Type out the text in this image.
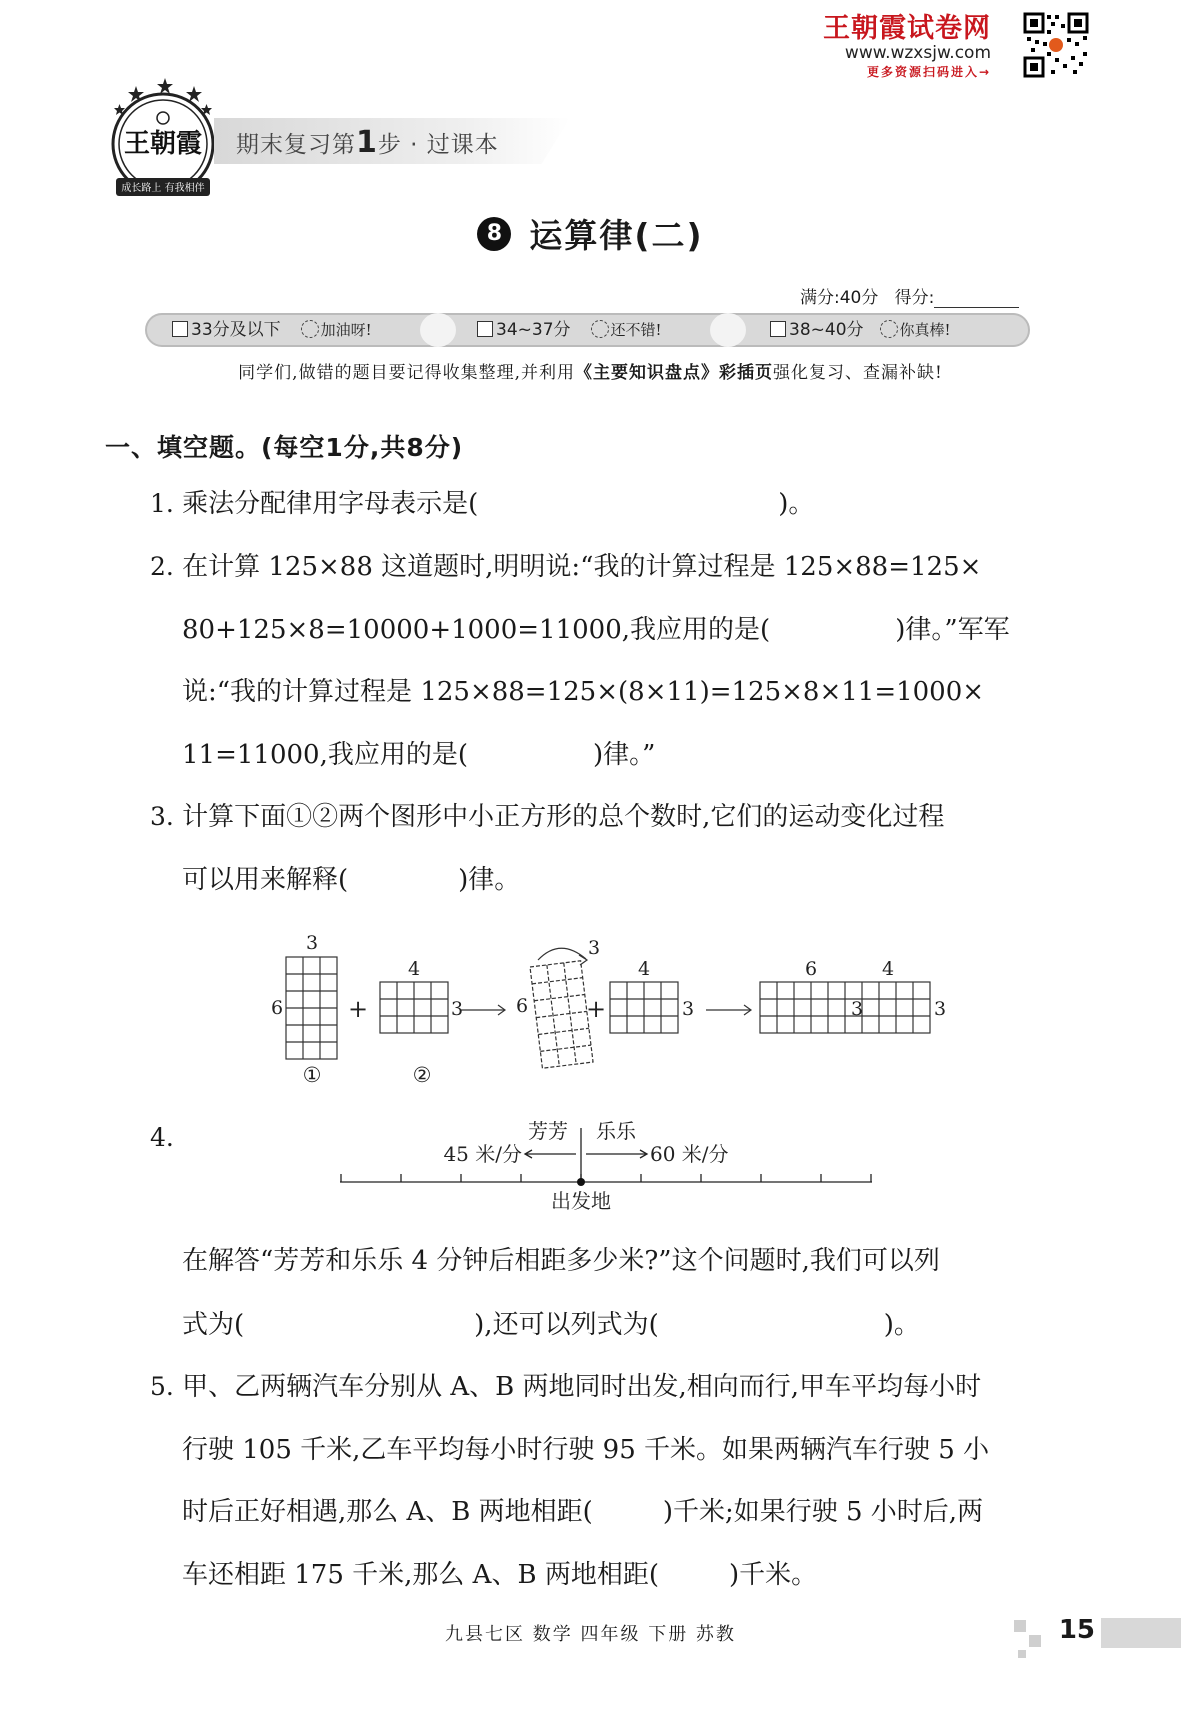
王朝霞试卷网
www.wzxsjw.com
更多资源扫码进入→
王朝霞
成长路上 有我相伴
期末复习第1步 · 过课本
8 运算律(二)
满分:40分 得分:
33分及以下	加油呀!	34~37分	还不错!	38~40分 你真棒!
同学们,做错的题目要记得收集整理,并利用《主要知识盘点》彩插页强化复习、查漏补缺!
一、填空题。(每空1分,共8分)
1. 乘法分配律用字母表示是(	)。
2. 在计算 125×88 这道题时,明明说:“我的计算过程是 125×88=125×
80+125×8=10000+1000=11000,我应用的是(	)律。”军军
说:“我的计算过程是 125×88=125×(8×11)=125×8×11=1000×
11=11000,我应用的是(	)律。”
3. 计算下面①②两个图形中小正方形的总个数时,它们的运动变化过程
可以用来解释(	)律。
3
6
①
+
4
3
②
3
6 +
4
3
6	4
3	3
4.	芳芳 乐乐
45 米/分	60 米/分
出发地
在解答“芳芳和乐乐 4 分钟后相距多少米?”这个问题时,我们可以列
式为(	),还可以列式为(	)。
5. 甲、乙两辆汽车分别从 A、B 两地同时出发,相向而行,甲车平均每小时
行驶 105 千米,乙车平均每小时行驶 95 千米。如果两辆汽车行驶 5 小
时后正好相遇,那么 A、B 两地相距(	)千米;如果行驶 5 小时后,两
车还相距 175 千米,那么 A、B 两地相距(	)千米。
九县七区 数学 四年级 下册 苏教	15
